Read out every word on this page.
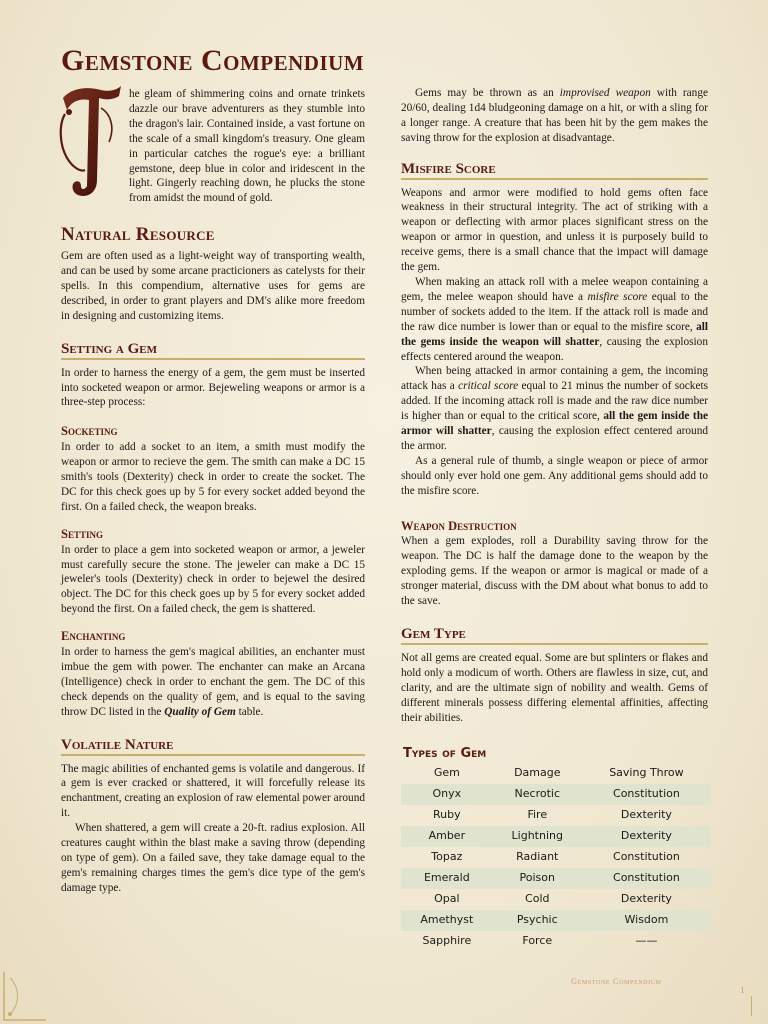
Gemstone Compendium

he gleam of shimmering coins and ornate trinkets dazzle our brave adventurers as they stumble into the dragon's lair. Contained inside, a vast fortune on the scale of a small kingdom's treasury. One gleam in particular catches the rogue's eye: a brilliant gemstone, deep blue in color and iridescent in the light. Gingerly reaching down, he plucks the stone from amidst the mound of gold.

Natural Resource

Gem are often used as a light-weight way of transporting wealth, and can be used by some arcane practicioners as catelysts for their spells. In this compendium, alternative uses for gems are described, in order to grant players and DM's alike more freedom in designing and customizing items.

Setting a Gem

In order to harness the energy of a gem, the gem must be inserted into socketed weapon or armor. Bejeweling weapons or armor is a three-step process:

Socketing

In order to add a socket to an item, a smith must modify the weapon or armor to recieve the gem. The smith can make a DC 15 smith's tools (Dexterity) check in order to create the socket. The DC for this check goes up by 5 for every socket added beyond the first. On a failed check, the weapon breaks.

Setting

In order to place a gem into socketed weapon or armor, a jeweler must carefully secure the stone. The jeweler can make a DC 15 jeweler's tools (Dexterity) check in order to bejewel the desired object. The DC for this check goes up by 5 for every socket added beyond the first. On a failed check, the gem is shattered.

Enchanting

In order to harness the gem's magical abilities, an enchanter must imbue the gem with power. The enchanter can make an Arcana (Intelligence) check in order to enchant the gem. The DC of this check depends on the quality of gem, and is equal to the saving throw DC listed in the Quality of Gem table.

Volatile Nature

The magic abilities of enchanted gems is volatile and dangerous. If a gem is ever cracked or shattered, it will forcefully release its enchantment, creating an explosion of raw elemental power around it.

When shattered, a gem will create a 20-ft. radius explosion. All creatures caught within the blast make a saving throw (depending on type of gem). On a failed save, they take damage equal to the gem's remaining charges times the gem's dice type of the gem's damage type.

Gems may be thrown as an improvised weapon with range 20/60, dealing 1d4 bludgeoning damage on a hit, or with a sling for a longer range. A creature that has been hit by the gem makes the saving throw for the explosion at disadvantage.

Misfire Score

Weapons and armor were modified to hold gems often face weakness in their structural integrity. The act of striking with a weapon or deflecting with armor places significant stress on the weapon or armor in question, and unless it is purposely build to receive gems, there is a small chance that the impact will damage the gem.

When making an attack roll with a melee weapon containing a gem, the melee weapon should have a misfire score equal to the number of sockets added to the item. If the attack roll is made and the raw dice number is lower than or equal to the misfire score, all the gems inside the weapon will shatter, causing the explosion effects centered around the weapon.

When being attacked in armor containing a gem, the incoming attack has a critical score equal to 21 minus the number of sockets added. If the incoming attack roll is made and the raw dice number is higher than or equal to the critical score, all the gem inside the armor will shatter, causing the explosion effect centered around the armor.

As a general rule of thumb, a single weapon or piece of armor should only ever hold one gem. Any additional gems should add to the misfire score.

Weapon Destruction

When a gem explodes, roll a Durability saving throw for the weapon. The DC is half the damage done to the weapon by the exploding gems. If the weapon or armor is magical or made of a stronger material, discuss with the DM about what bonus to add to the save.

Gem Type

Not all gems are created equal. Some are but splinters or flakes and hold only a modicum of worth. Others are flawless in size, cut, and clarity, and are the ultimate sign of nobility and wealth. Gems of different minerals possess differing elemental affinities, affecting their abilities.

Types of Gem
Gem	Damage	Saving Throw
Onyx	Necrotic	Constitution
Ruby	Fire	Dexterity
Amber	Lightning	Dexterity
Topaz	Radiant	Constitution
Emerald	Poison	Constitution
Opal	Cold	Dexterity
Amethyst	Psychic	Wisdom
Sapphire	Force	——
Gemstone Compendium
1
